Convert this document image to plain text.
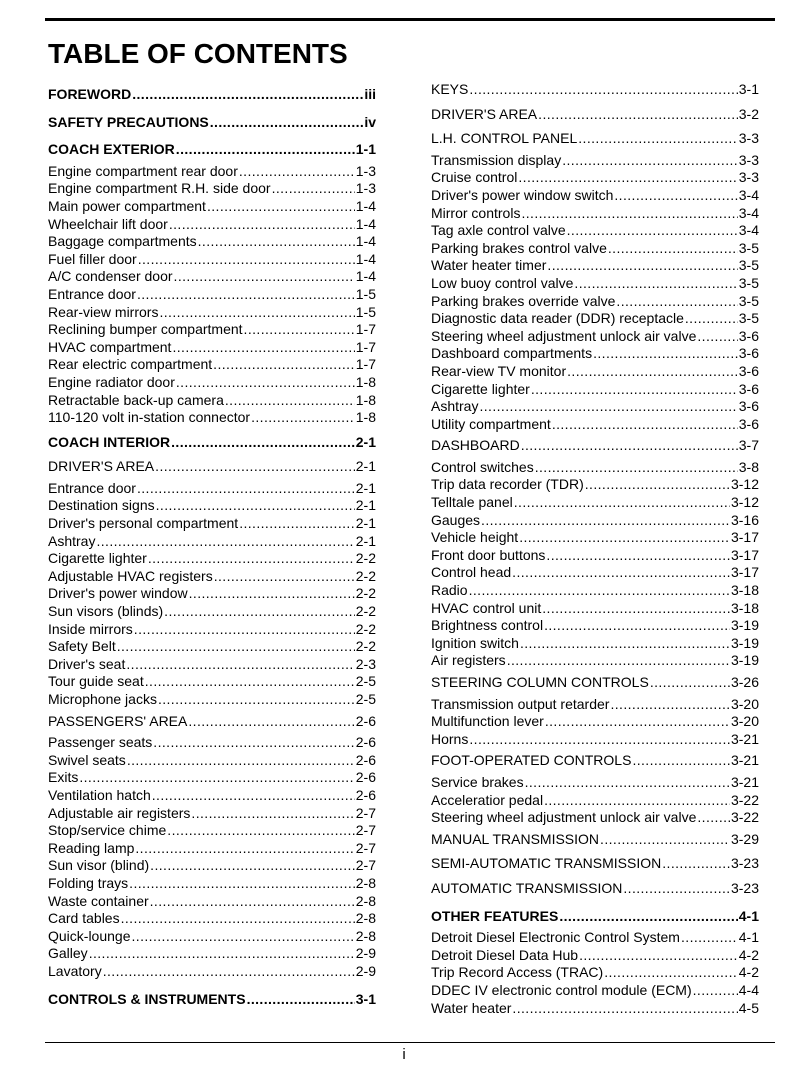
TABLE OF CONTENTS
FOREWORD .....	iii
SAFETY PRECAUTIONS .....	iv
COACH EXTERIOR .....	1-1
Engine compartment rear door .....	1-3
Engine compartment R.H. side door .....	1-3
Main power compartment .....	1-4
Wheelchair lift door .....	1-4
Baggage compartments .....	1-4
Fuel filler door .....	1-4
A/C condenser door .....	1-4
Entrance door .....	1-5
Rear-view mirrors .....	1-5
Reclining bumper compartment .....	1-7
HVAC compartment .....	1-7
Rear electric compartment .....	1-7
Engine radiator door .....	1-8
Retractable back-up camera .....	1-8
110-120 volt in-station connector .....	1-8
COACH INTERIOR .....	2-1
DRIVER'S AREA .....	2-1
Entrance door .....	2-1
Destination signs .....	2-1
Driver's personal compartment .....	2-1
Ashtray .....	2-1
Cigarette lighter .....	2-2
Adjustable HVAC registers .....	2-2
Driver's power window .....	2-2
Sun visors (blinds) .....	2-2
Inside mirrors .....	2-2
Safety Belt .....	2-2
Driver's seat .....	2-3
Tour guide seat .....	2-5
Microphone jacks .....	2-5
PASSENGERS' AREA .....	2-6
Passenger seats .....	2-6
Swivel seats .....	2-6
Exits .....	2-6
Ventilation hatch .....	2-6
Adjustable air registers .....	2-7
Stop/service chime .....	2-7
Reading lamp .....	2-7
Sun visor (blind) .....	2-7
Folding trays .....	2-8
Waste container .....	2-8
Card tables .....	2-8
Quick-lounge .....	2-8
Galley .....	2-9
Lavatory .....	2-9
CONTROLS & INSTRUMENTS .....	3-1
KEYS .....	3-1
DRIVER'S AREA .....	3-2
L.H. CONTROL PANEL .....	3-3
Transmission display .....	3-3
Cruise control .....	3-3
Driver's power window switch .....	3-4
Mirror controls .....	3-4
Tag axle control valve .....	3-4
Parking brakes control valve .....	3-5
Water heater timer .....	3-5
Low buoy control valve .....	3-5
Parking brakes override valve .....	3-5
Diagnostic data reader (DDR) receptacle .....	3-5
Steering wheel adjustment unlock air valve .....	3-6
Dashboard compartments .....	3-6
Rear-view TV monitor .....	3-6
Cigarette lighter .....	3-6
Ashtray .....	3-6
Utility compartment .....	3-6
DASHBOARD .....	3-7
Control switches .....	3-8
Trip data recorder (TDR) .....	3-12
Telltale panel .....	3-12
Gauges .....	3-16
Vehicle height .....	3-17
Front door buttons .....	3-17
Control head .....	3-17
Radio .....	3-18
HVAC control unit .....	3-18
Brightness control .....	3-19
Ignition switch .....	3-19
Air registers .....	3-19
STEERING COLUMN CONTROLS .....	3-26
Transmission output retarder .....	3-20
Multifunction lever .....	3-20
Horns .....	3-21
FOOT-OPERATED CONTROLS .....	3-21
Service brakes .....	3-21
Acceleratior pedal .....	3-22
Steering wheel adjustment unlock air valve ..... 3-22
MANUAL TRANSMISSION .....	3-29
SEMI-AUTOMATIC TRANSMISSION .....	3-23
AUTOMATIC TRANSMISSION .....	3-23
OTHER FEATURES .....	4-1
Detroit Diesel Electronic Control System .....	4-1
Detroit Diesel Data Hub .....	4-2
Trip Record Access (TRAC) .....	4-2
DDEC IV electronic control module (ECM) .....	4-4
Water heater .....	4-5
i
